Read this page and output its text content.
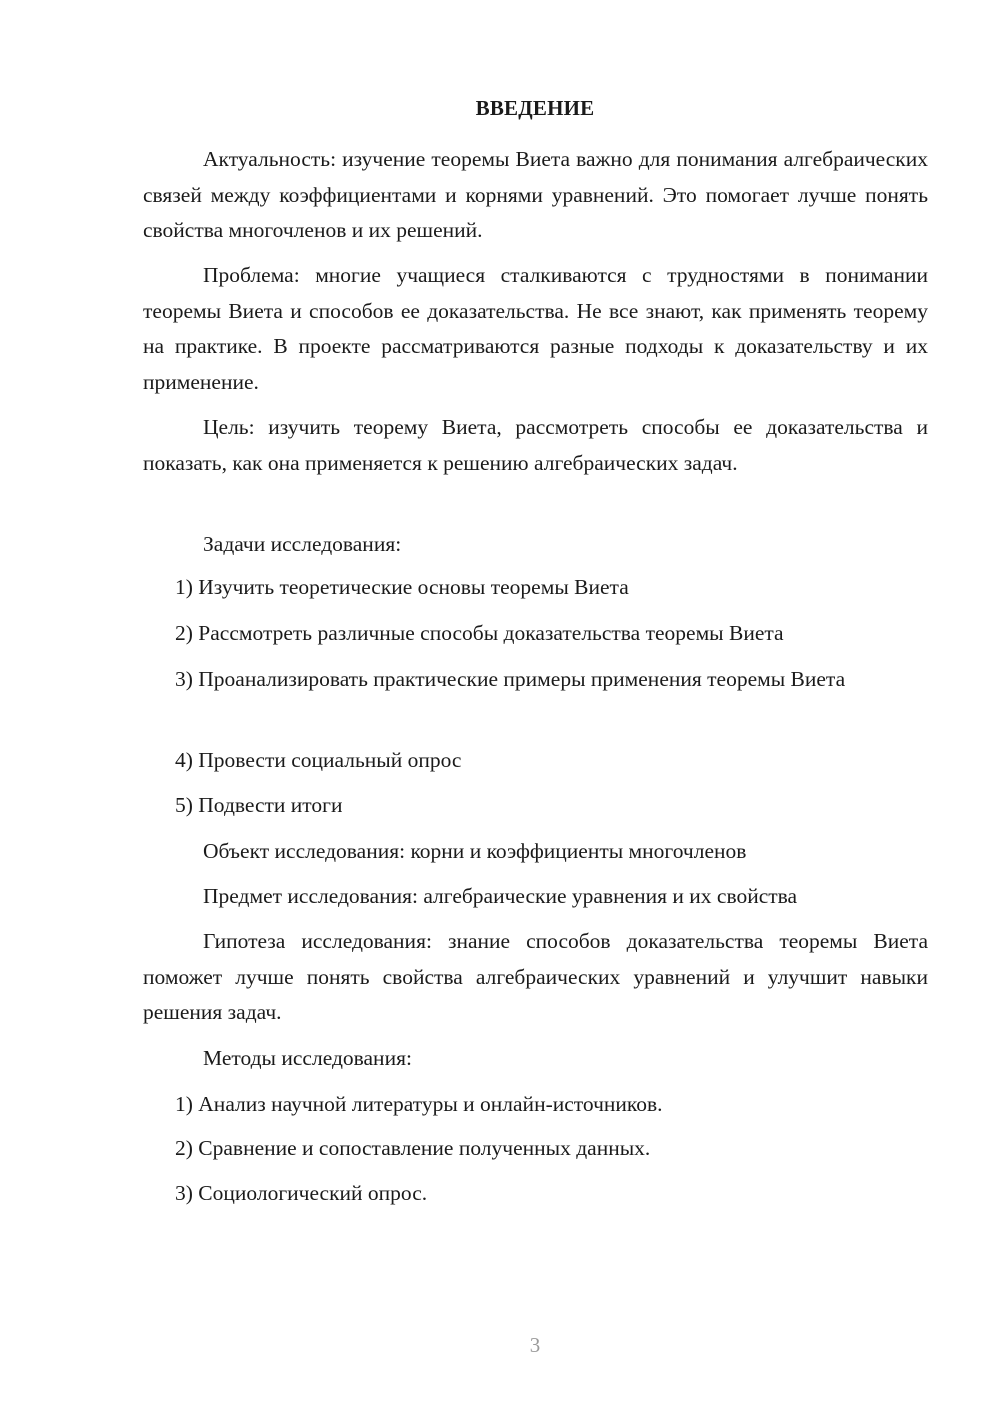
ВВЕДЕНИЕ
Актуальность: изучение теоремы Виета важно для понимания алгебраических связей между коэффициентами и корнями уравнений. Это помогает лучше понять свойства многочленов и их решений.
Проблема: многие учащиеся сталкиваются с трудностями в понимании теоремы Виета и способов ее доказательства. Не все знают, как применять теорему на практике. В проекте рассматриваются разные подходы к доказательству и их применение.
Цель: изучить теорему Виета, рассмотреть способы ее доказательства и показать, как она применяется к решению алгебраических задач.
Задачи исследования:
1) Изучить теоретические основы теоремы Виета
2) Рассмотреть различные способы доказательства теоремы Виета
3) Проанализировать практические примеры применения теоремы Виета
4) Провести социальный опрос
5) Подвести итоги
Объект исследования: корни и коэффициенты многочленов
Предмет исследования: алгебраические уравнения и их свойства
Гипотеза исследования: знание способов доказательства теоремы Виета поможет лучше понять свойства алгебраических уравнений и улучшит навыки решения задач.
Методы исследования:
1) Анализ научной литературы и онлайн-источников.
2) Сравнение и сопоставление полученных данных.
3) Социологический опрос.
3
